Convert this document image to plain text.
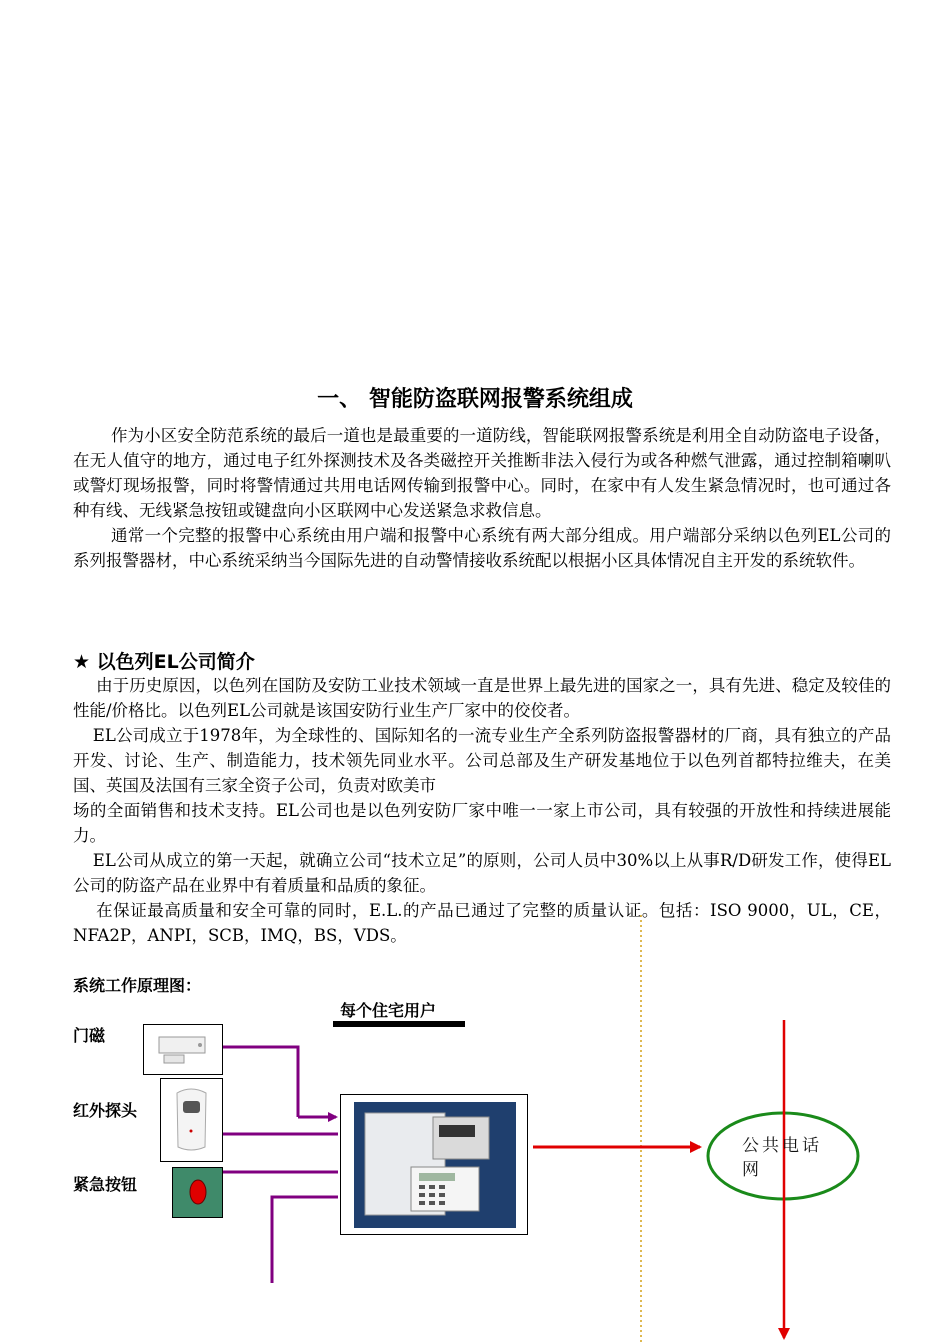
一、 智能防盗联网报警系统组成

作为小区安全防范系统的最后一道也是最重要的一道防线，智能联网报警系统是利用全自动防盗电子设备，在无人值守的地方，通过电子红外探测技术及各类磁控开关推断非法入侵行为或各种燃气泄露，通过控制箱喇叭或警灯现场报警，同时将警情通过共用电话网传输到报警中心。同时，在家中有人发生紧急情况时，也可通过各种有线、无线紧急按钮或键盘向小区联网中心发送紧急求救信息。

通常一个完整的报警中心系统由用户端和报警中心系统有两大部分组成。用户端部分采纳以色列EL公司的系列报警器材，中心系统采纳当今国际先进的自动警情接收系统配以根据小区具体情况自主开发的系统软件。

★ 以色列EL公司简介

由于历史原因，以色列在国防及安防工业技术领域一直是世界上最先进的国家之一，具有先进、稳定及较佳的性能/价格比。以色列EL公司就是该国安防行业生产厂家中的佼佼者。

EL公司成立于1978年，为全球性的、国际知名的一流专业生产全系列防盗报警器材的厂商，具有独立的产品开发、讨论、生产、制造能力，技术领先同业水平。公司总部及生产研发基地位于以色列首都特拉维夫，在美国、英国及法国有三家全资子公司，负责对欧美市

场的全面销售和技术支持。EL公司也是以色列安防厂家中唯一一家上市公司，具有较强的开放性和持续进展能力。

EL公司从成立的第一天起，就确立公司“技术立足”的原则，公司人员中30%以上从事R/D研发工作，使得EL公司的防盗产品在业界中有着质量和品质的象征。

在保证最高质量和安全可靠的同时，E.L.的产品已通过了完整的质量认证。包括：ISO 9000，UL，CE，NFA2P，ANPI，SCB，IMQ，BS，VDS。

系统工作原理图：
每个住宅用户
门磁
红外探头
紧急按钮
公共电话网
